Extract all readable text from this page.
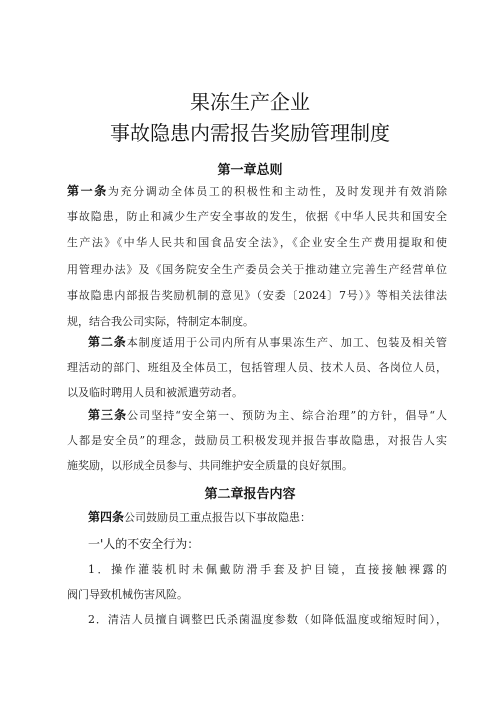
果冻生产企业
事故隐患内需报告奖励管理制度
第一章总则
第一条为充分调动全体员工的积极性和主动性，及时发现并有效消除
事故隐患，防止和减少生产安全事故的发生，依据《中华人民共和国安全
生产法》《中华人民共和国食品安全法》，《企业安全生产费用提取和使
用管理办法》及《国务院安全生产委员会关于推动建立完善生产经营单位
事故隐患内部报告奖励机制的意见》（安委〔2024〕7号）》等相关法律法
规，结合我公司实际，特制定本制度。
第二条本制度适用于公司内所有从事果冻生产、加工、包装及相关管
理活动的部门、班组及全体员工，包括管理人员、技术人员、各岗位人员，
以及临时聘用人员和被派遣劳动者。
第三条公司坚持“安全第一、预防为主、综合治理”的方针，倡导“人
人都是安全员”的理念，鼓励员工积极发现并报告事故隐患，对报告人实
施奖励，以形成全员参与、共同维护安全质量的良好氛围。
第二章报告内容
第四条公司鼓励员工重点报告以下事故隐患：
一'人的不安全行为：
1．操作灌装机时未佩戴防滑手套及护目镜，直接接触裸露的
阀门导致机械伤害风险。
2．清洁人员擅自调整巴氏杀菌温度参数（如降低温度或缩短时间），
